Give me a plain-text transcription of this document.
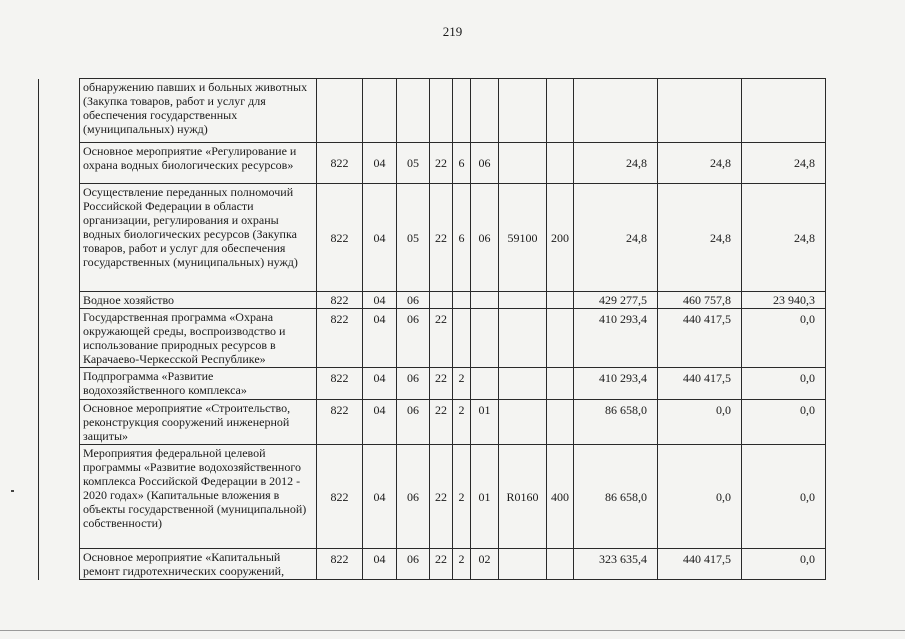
219
	обнаружению павших и больных животных (Закупка товаров, работ и услуг для обеспечения государственных (муниципальных) нужд)											
	Основное мероприятие «Регулирование и охрана водных биологических ресурсов»	822	04	05	22	6	06			24,8	24,8	24,8
	Осуществление переданных полномочий Российской Федерации в области организации, регулирования и охраны водных биологических ресурсов (Закупка товаров, работ и услуг для обеспечения государственных (муниципальных) нужд)	822	04	05	22	6	06	59100	200	24,8	24,8	24,8
	Водное хозяйство	822	04	06						429 277,5	460 757,8	23 940,3
	Государственная программа «Охрана окружающей среды, воспроизводство и использование природных ресурсов в Карачаево-Черкесской Республике»	822	04	06	22					410 293,4	440 417,5	0,0
	Подпрограмма «Развитие водохозяйственного комплекса»	822	04	06	22	2				410 293,4	440 417,5	0,0
	Основное мероприятие «Строительство, реконструкция сооружений инженерной защиты»	822	04	06	22	2	01			86 658,0	0,0	0,0
	Мероприятия федеральной целевой программы «Развитие водохозяйственного комплекса Российской Федерации в 2012 - 2020 годах» (Капитальные вложения в объекты государственной (муниципальной) собственности)	822	04	06	22	2	01	R0160	400	86 658,0	0,0	0,0
	Основное мероприятие «Капитальный ремонт гидротехнических сооружений,	822	04	06	22	2	02			323 635,4	440 417,5	0,0
